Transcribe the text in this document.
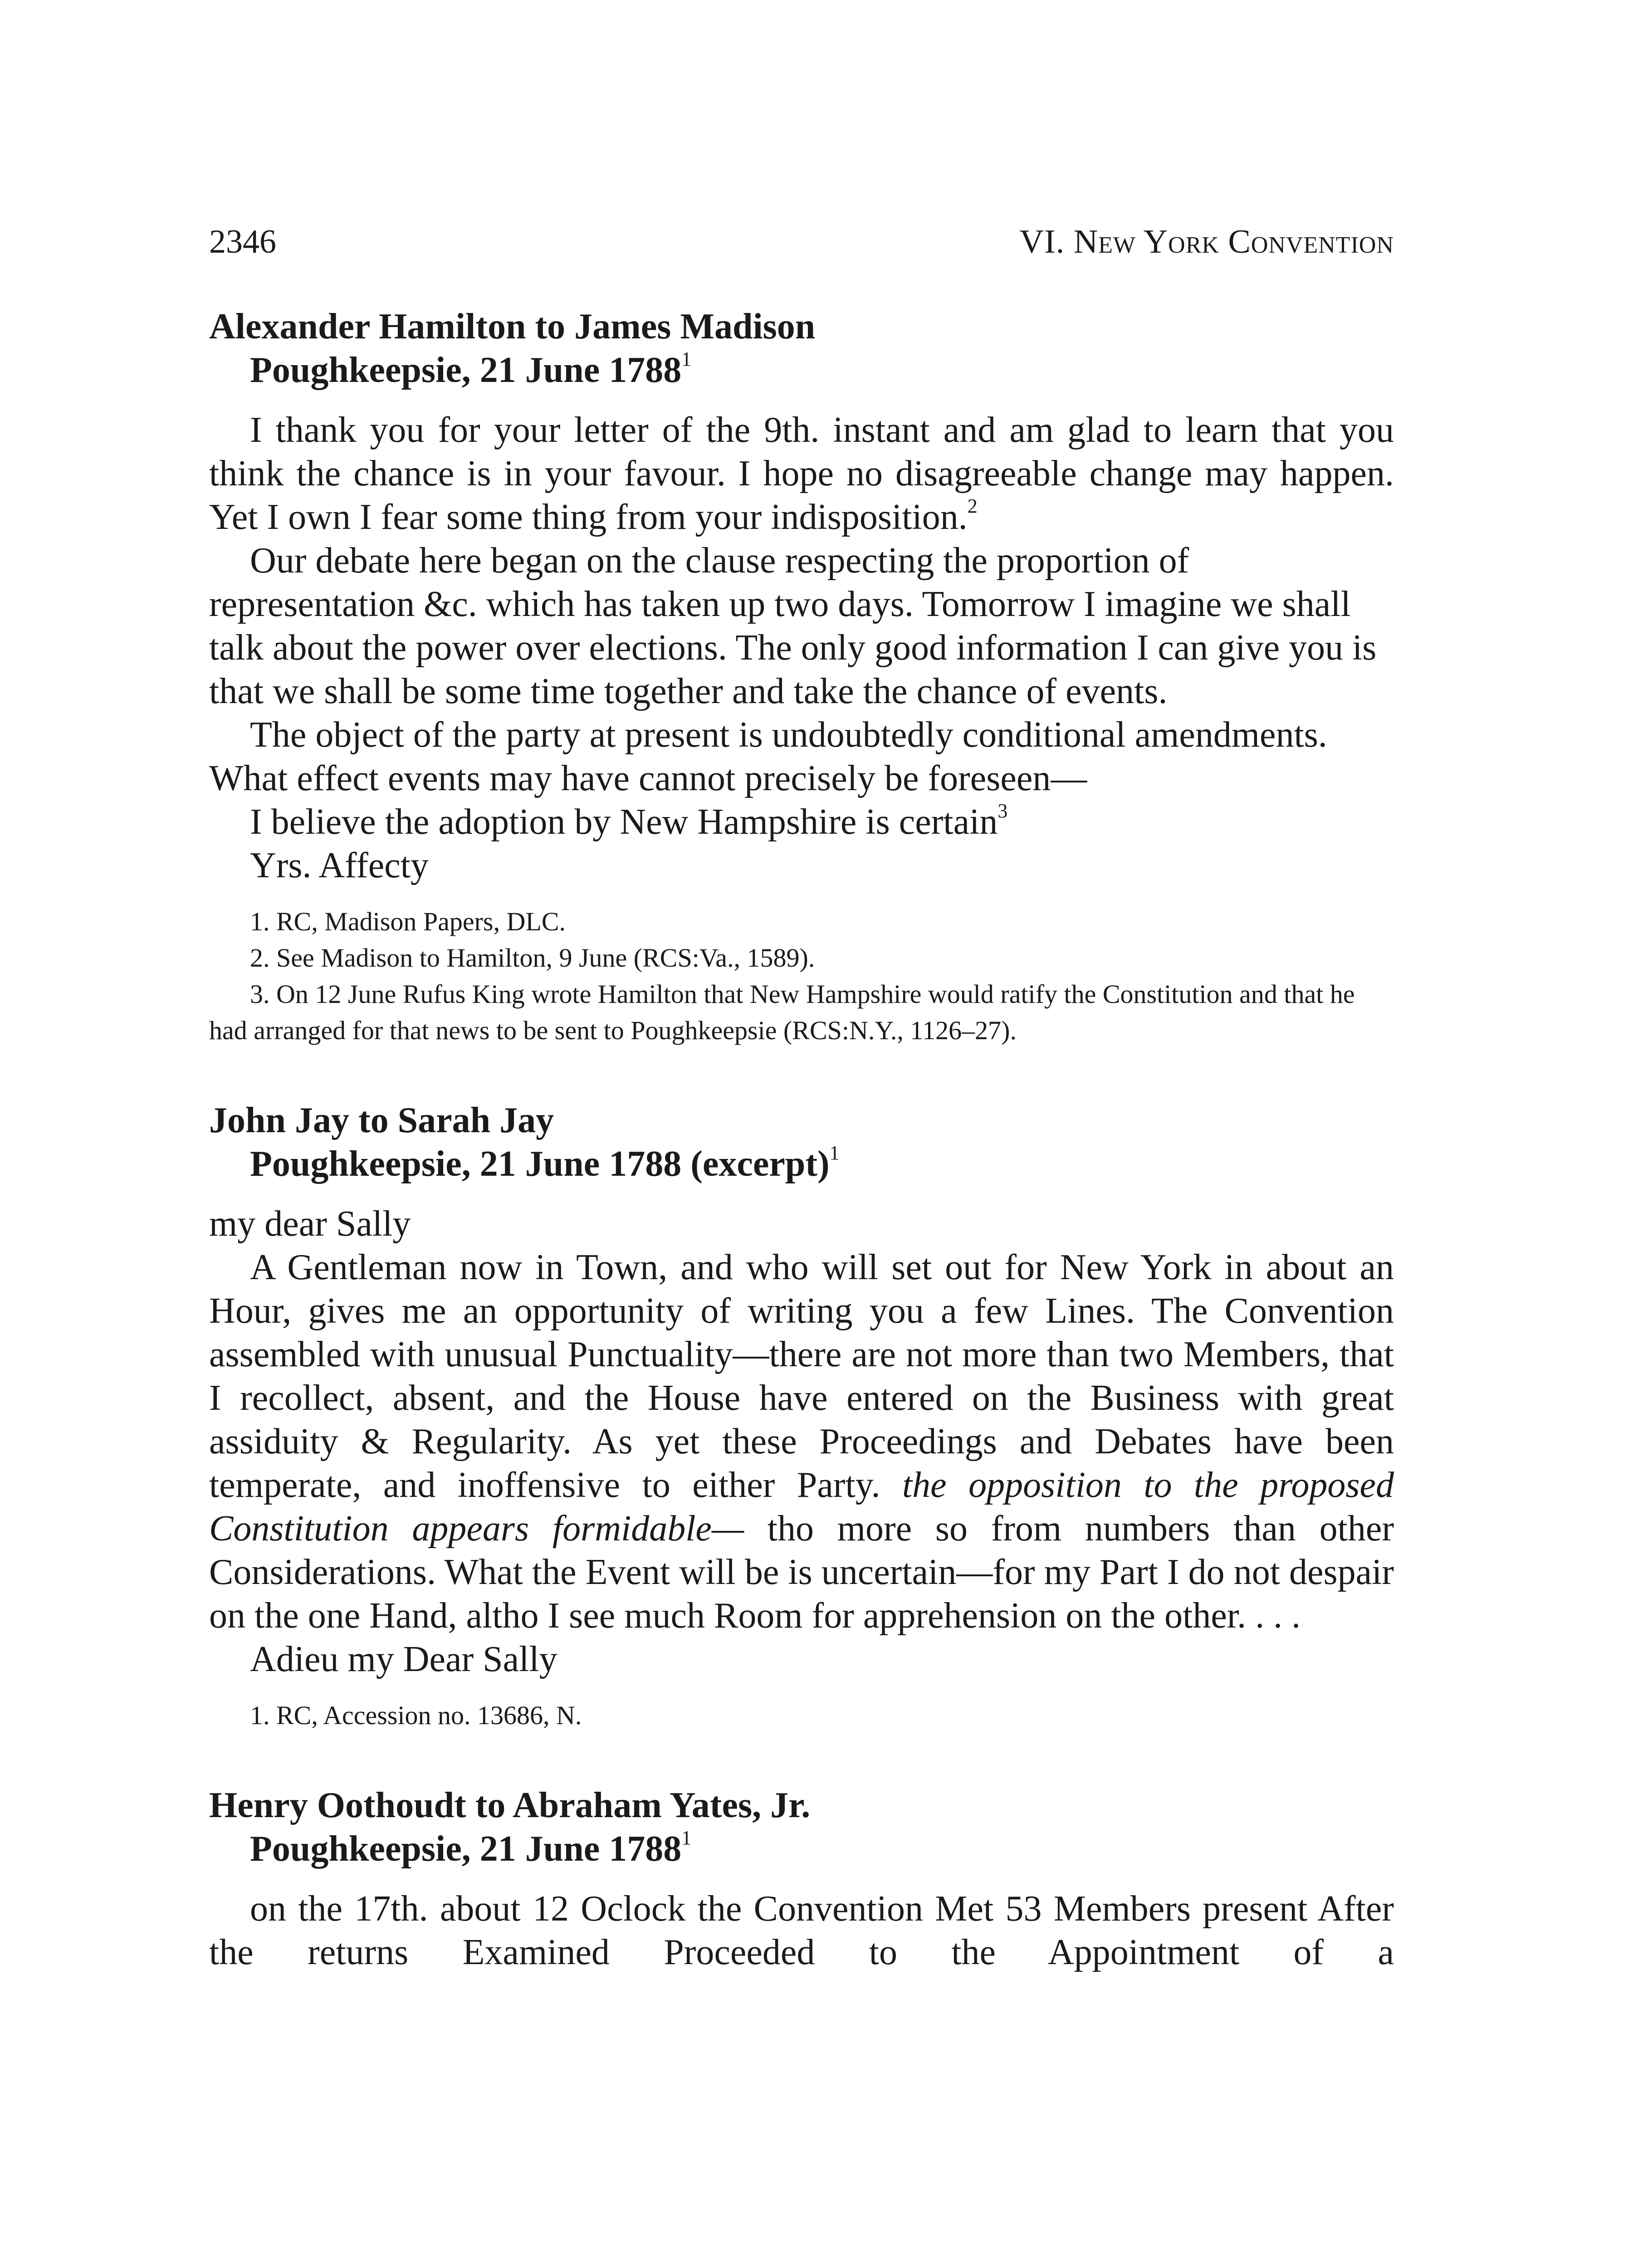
2346	VI. New York Convention
Alexander Hamilton to James Madison
Poughkeepsie, 21 June 1788$^1$

I thank you for your letter of the 9th. instant and am glad to learn that you think the chance is in your favour. I hope no disagreeable change may happen. Yet I own I fear some thing from your indisposition.$^2$

Our debate here began on the clause respecting the proportion of representation &c. which has taken up two days. Tomorrow I imagine we shall talk about the power over elections. The only good information I can give you is that we shall be some time together and take the chance of events.

The object of the party at present is undoubtedly conditional amendments. What effect events may have cannot precisely be foreseen—

I believe the adoption by New Hampshire is certain$^3$

Yrs. Affecty

1. RC, Madison Papers, DLC.

2. See Madison to Hamilton, 9 June (RCS:Va., 1589).

3. On 12 June Rufus King wrote Hamilton that New Hampshire would ratify the Constitution and that he had arranged for that news to be sent to Poughkeepsie (RCS:N.Y., 1126–27).

John Jay to Sarah Jay
Poughkeepsie, 21 June 1788 (excerpt)$^1$

my dear Sally

A Gentleman now in Town, and who will set out for New York in about an Hour, gives me an opportunity of writing you a few Lines. The Convention assembled with unusual Punctuality—there are not more than two Members, that I recollect, absent, and the House have entered on the Business with great assiduity & Regularity. As yet these Proceedings and Debates have been temperate, and inoffensive to either Party. the opposition to the proposed Constitution appears formidable— tho more so from numbers than other Considerations. What the Event will be is uncertain—for my Part I do not despair on the one Hand, altho I see much Room for apprehension on the other. . . .

Adieu my Dear Sally

1. RC, Accession no. 13686, N.

Henry Oothoudt to Abraham Yates, Jr.
Poughkeepsie, 21 June 1788$^1$

on the 17th. about 12 Oclock the Convention Met 53 Members present After the returns Examined Proceeded to the Appointment of a
